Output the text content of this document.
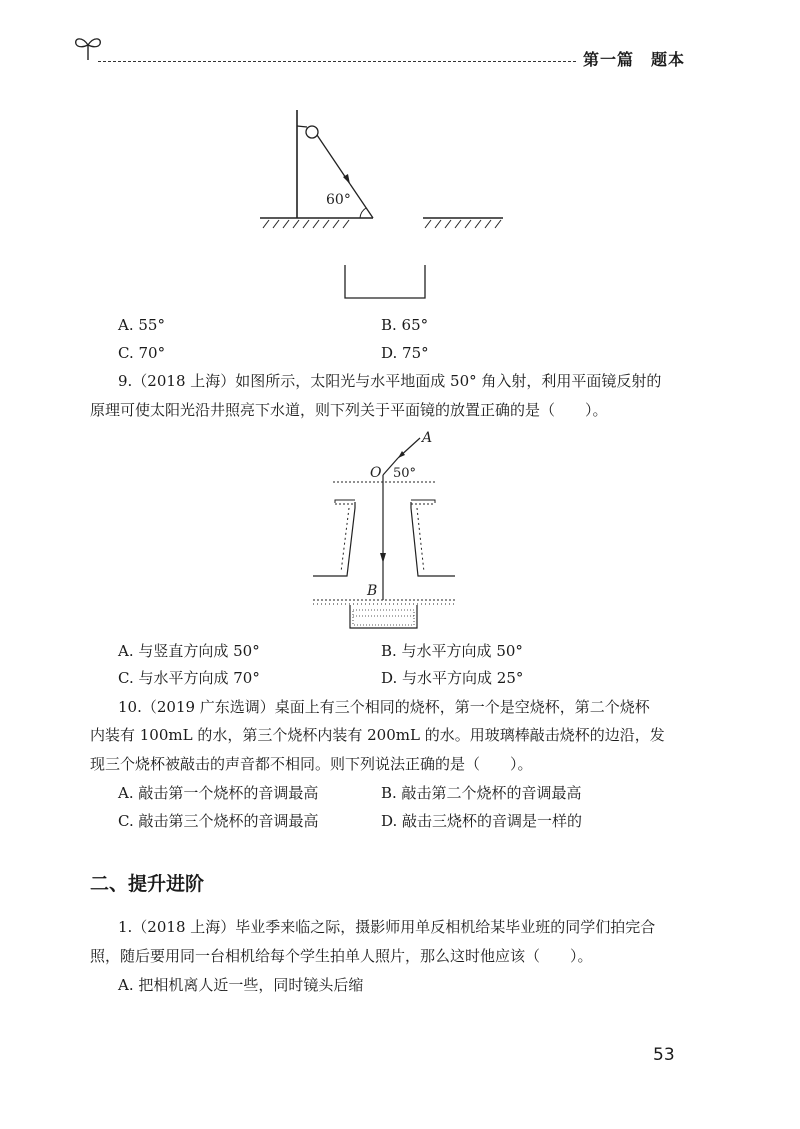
第一篇　题本
60°
A. 55°	B. 65°
C. 70°	D. 75°
9.（2018 上海）如图所示，太阳光与水平地面成 50° 角入射，利用平面镜反射的
原理可使太阳光沿井照亮下水道，则下列关于平面镜的放置正确的是（　　）。
A
O 50°
B
A. 与竖直方向成 50°	B. 与水平方向成 50°
C. 与水平方向成 70°	D. 与水平方向成 25°
10.（2019 广东选调）桌面上有三个相同的烧杯，第一个是空烧杯，第二个烧杯
内装有 100mL 的水，第三个烧杯内装有 200mL 的水。用玻璃棒敲击烧杯的边沿，发
现三个烧杯被敲击的声音都不相同。则下列说法正确的是（　　）。
A. 敲击第一个烧杯的音调最高	B. 敲击第二个烧杯的音调最高
C. 敲击第三个烧杯的音调最高	D. 敲击三烧杯的音调是一样的
二、提升进阶
1.（2018 上海）毕业季来临之际，摄影师用单反相机给某毕业班的同学们拍完合
照，随后要用同一台相机给每个学生拍单人照片，那么这时他应该（　　）。
A. 把相机离人近一些，同时镜头后缩
53
